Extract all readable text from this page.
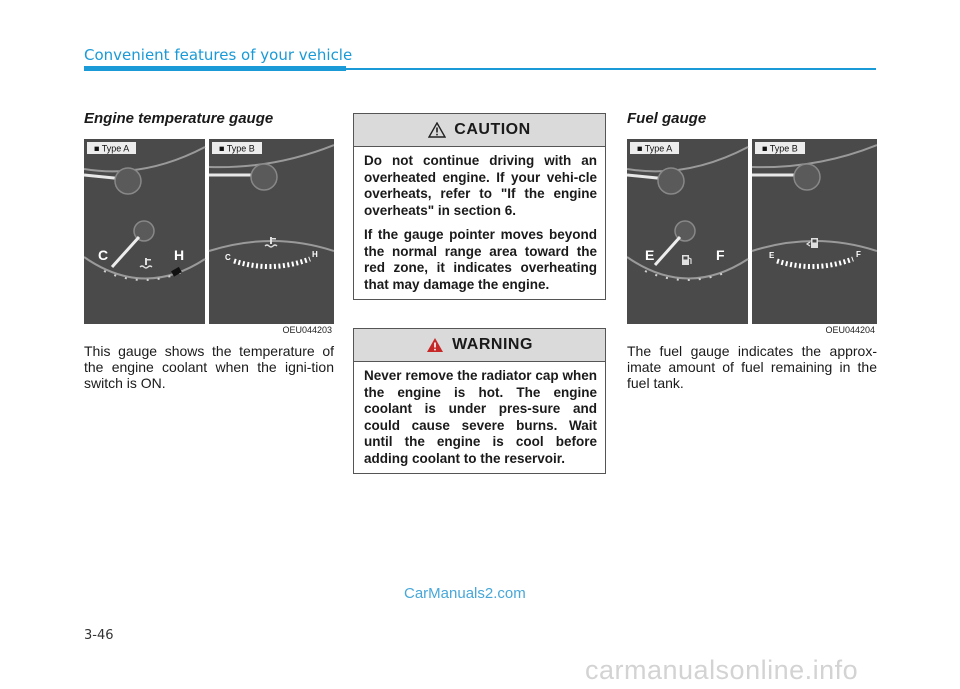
Convenient features of your vehicle
Engine temperature gauge
■ Type A
C	H
■ Type B
C	H
OEU044203
This gauge shows the temperature of the engine coolant when the igni-tion switch is ON.
CAUTION

Do not continue driving with an overheated engine. If your vehi-cle overheats, refer to "If the engine overheats" in section 6.

If the gauge pointer moves beyond the normal range area toward the red zone, it indicates overheating that may damage the engine.

WARNING

Never remove the radiator cap when the engine is hot. The engine coolant is under pres-sure and could cause severe burns. Wait until the engine is cool before adding coolant to the reservoir.

Fuel gauge
■ Type A
E	F
■ Type B
E	F
OEU044204
The fuel gauge indicates the approx-imate amount of fuel remaining in the fuel tank.
3-46
CarManuals2.com
carmanualsonline.info
